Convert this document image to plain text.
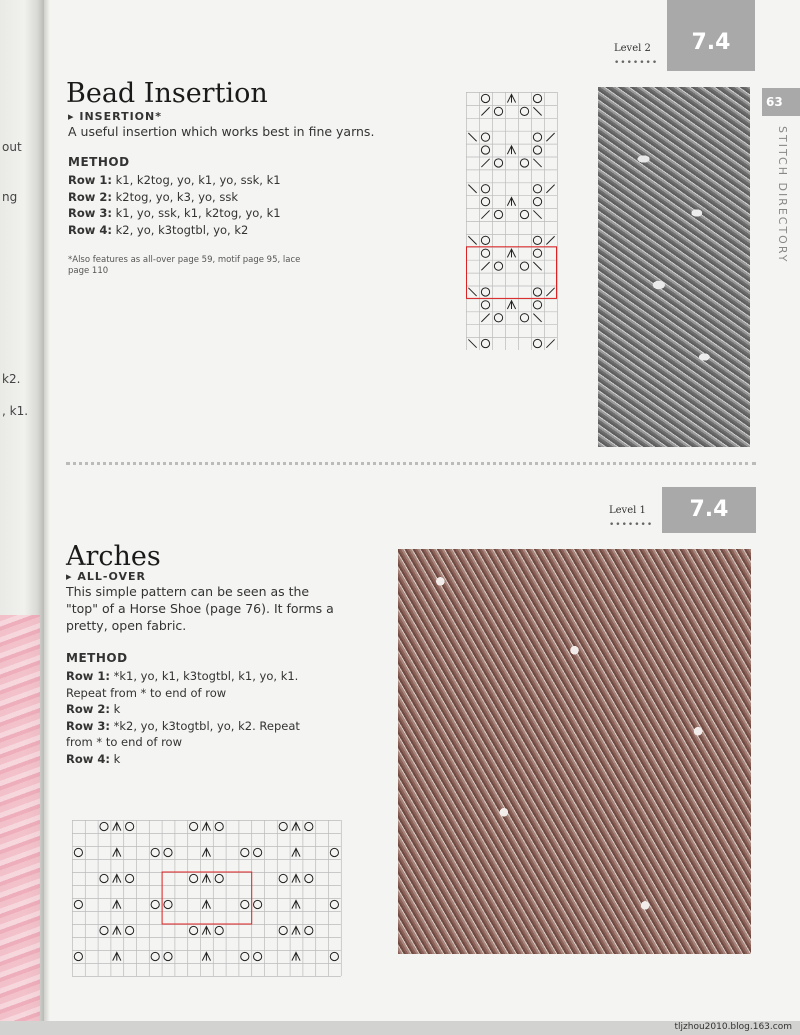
out
ng
k2.
, k1.
63
STITCH DIRECTORY
Level 2
•••••••
7.4
Bead Insertion
▸ INSERTION*
A useful insertion which works best in fine yarns.
METHOD
Row 1: k1, k2tog, yo, k1, yo, ssk, k1
Row 2: k2tog, yo, k3, yo, ssk
Row 3: k1, yo, ssk, k1, k2tog, yo, k1
Row 4: k2, yo, k3togtbl, yo, k2
*Also features as all-over page 59, motif page 95, lace page 110
Level 1
•••••••
7.4
Arches
▸ ALL-OVER
This simple pattern can be seen as the "top" of a Horse Shoe (page 76). It forms a pretty, open fabric.
METHOD
Row 1: *k1, yo, k1, k3togtbl, k1, yo, k1. Repeat from * to end of row
Row 2: k
Row 3: *k2, yo, k3togtbl, yo, k2. Repeat from * to end of row
Row 4: k
tljzhou2010.blog.163.com
